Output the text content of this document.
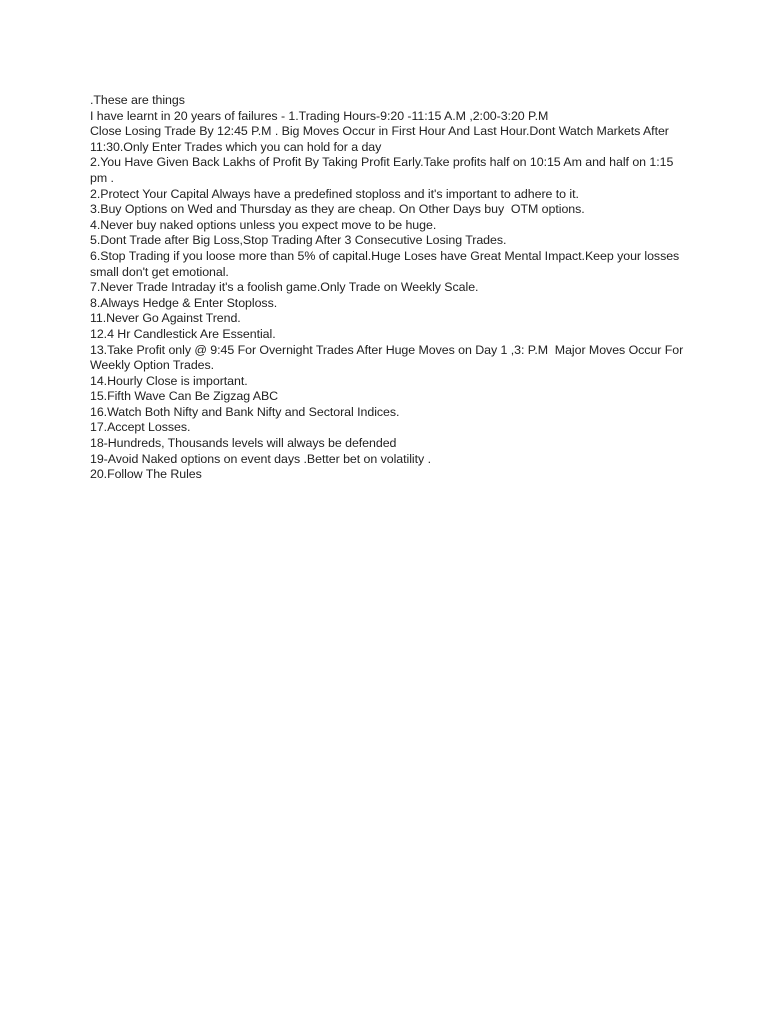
.These are things
I have learnt in 20 years of failures - 1.Trading Hours-9:20 -11:15 A.M ,2:00-3:20 P.M
Close Losing Trade By 12:45 P.M . Big Moves Occur in First Hour And Last Hour.Dont Watch Markets After 11:30.Only Enter Trades which you can hold for a day
2.You Have Given Back Lakhs of Profit By Taking Profit Early.Take profits half on 10:15 Am and half on 1:15 pm .
2.Protect Your Capital Always have a predefined stoploss and it's important to adhere to it.
3.Buy Options on Wed and Thursday as they are cheap. On Other Days buy  OTM options.
4.Never buy naked options unless you expect move to be huge.
5.Dont Trade after Big Loss,Stop Trading After 3 Consecutive Losing Trades.
6.Stop Trading if you loose more than 5% of capital.Huge Loses have Great Mental Impact.Keep your losses small don't get emotional.
7.Never Trade Intraday it's a foolish game.Only Trade on Weekly Scale.
8.Always Hedge & Enter Stoploss.
11.Never Go Against Trend.
12.4 Hr Candlestick Are Essential.
13.Take Profit only @ 9:45 For Overnight Trades After Huge Moves on Day 1 ,3: P.M  Major Moves Occur For Weekly Option Trades.
14.Hourly Close is important.
15.Fifth Wave Can Be Zigzag ABC
16.Watch Both Nifty and Bank Nifty and Sectoral Indices.
17.Accept Losses.
18-Hundreds, Thousands levels will always be defended
19-Avoid Naked options on event days .Better bet on volatility .
20.Follow The Rules
